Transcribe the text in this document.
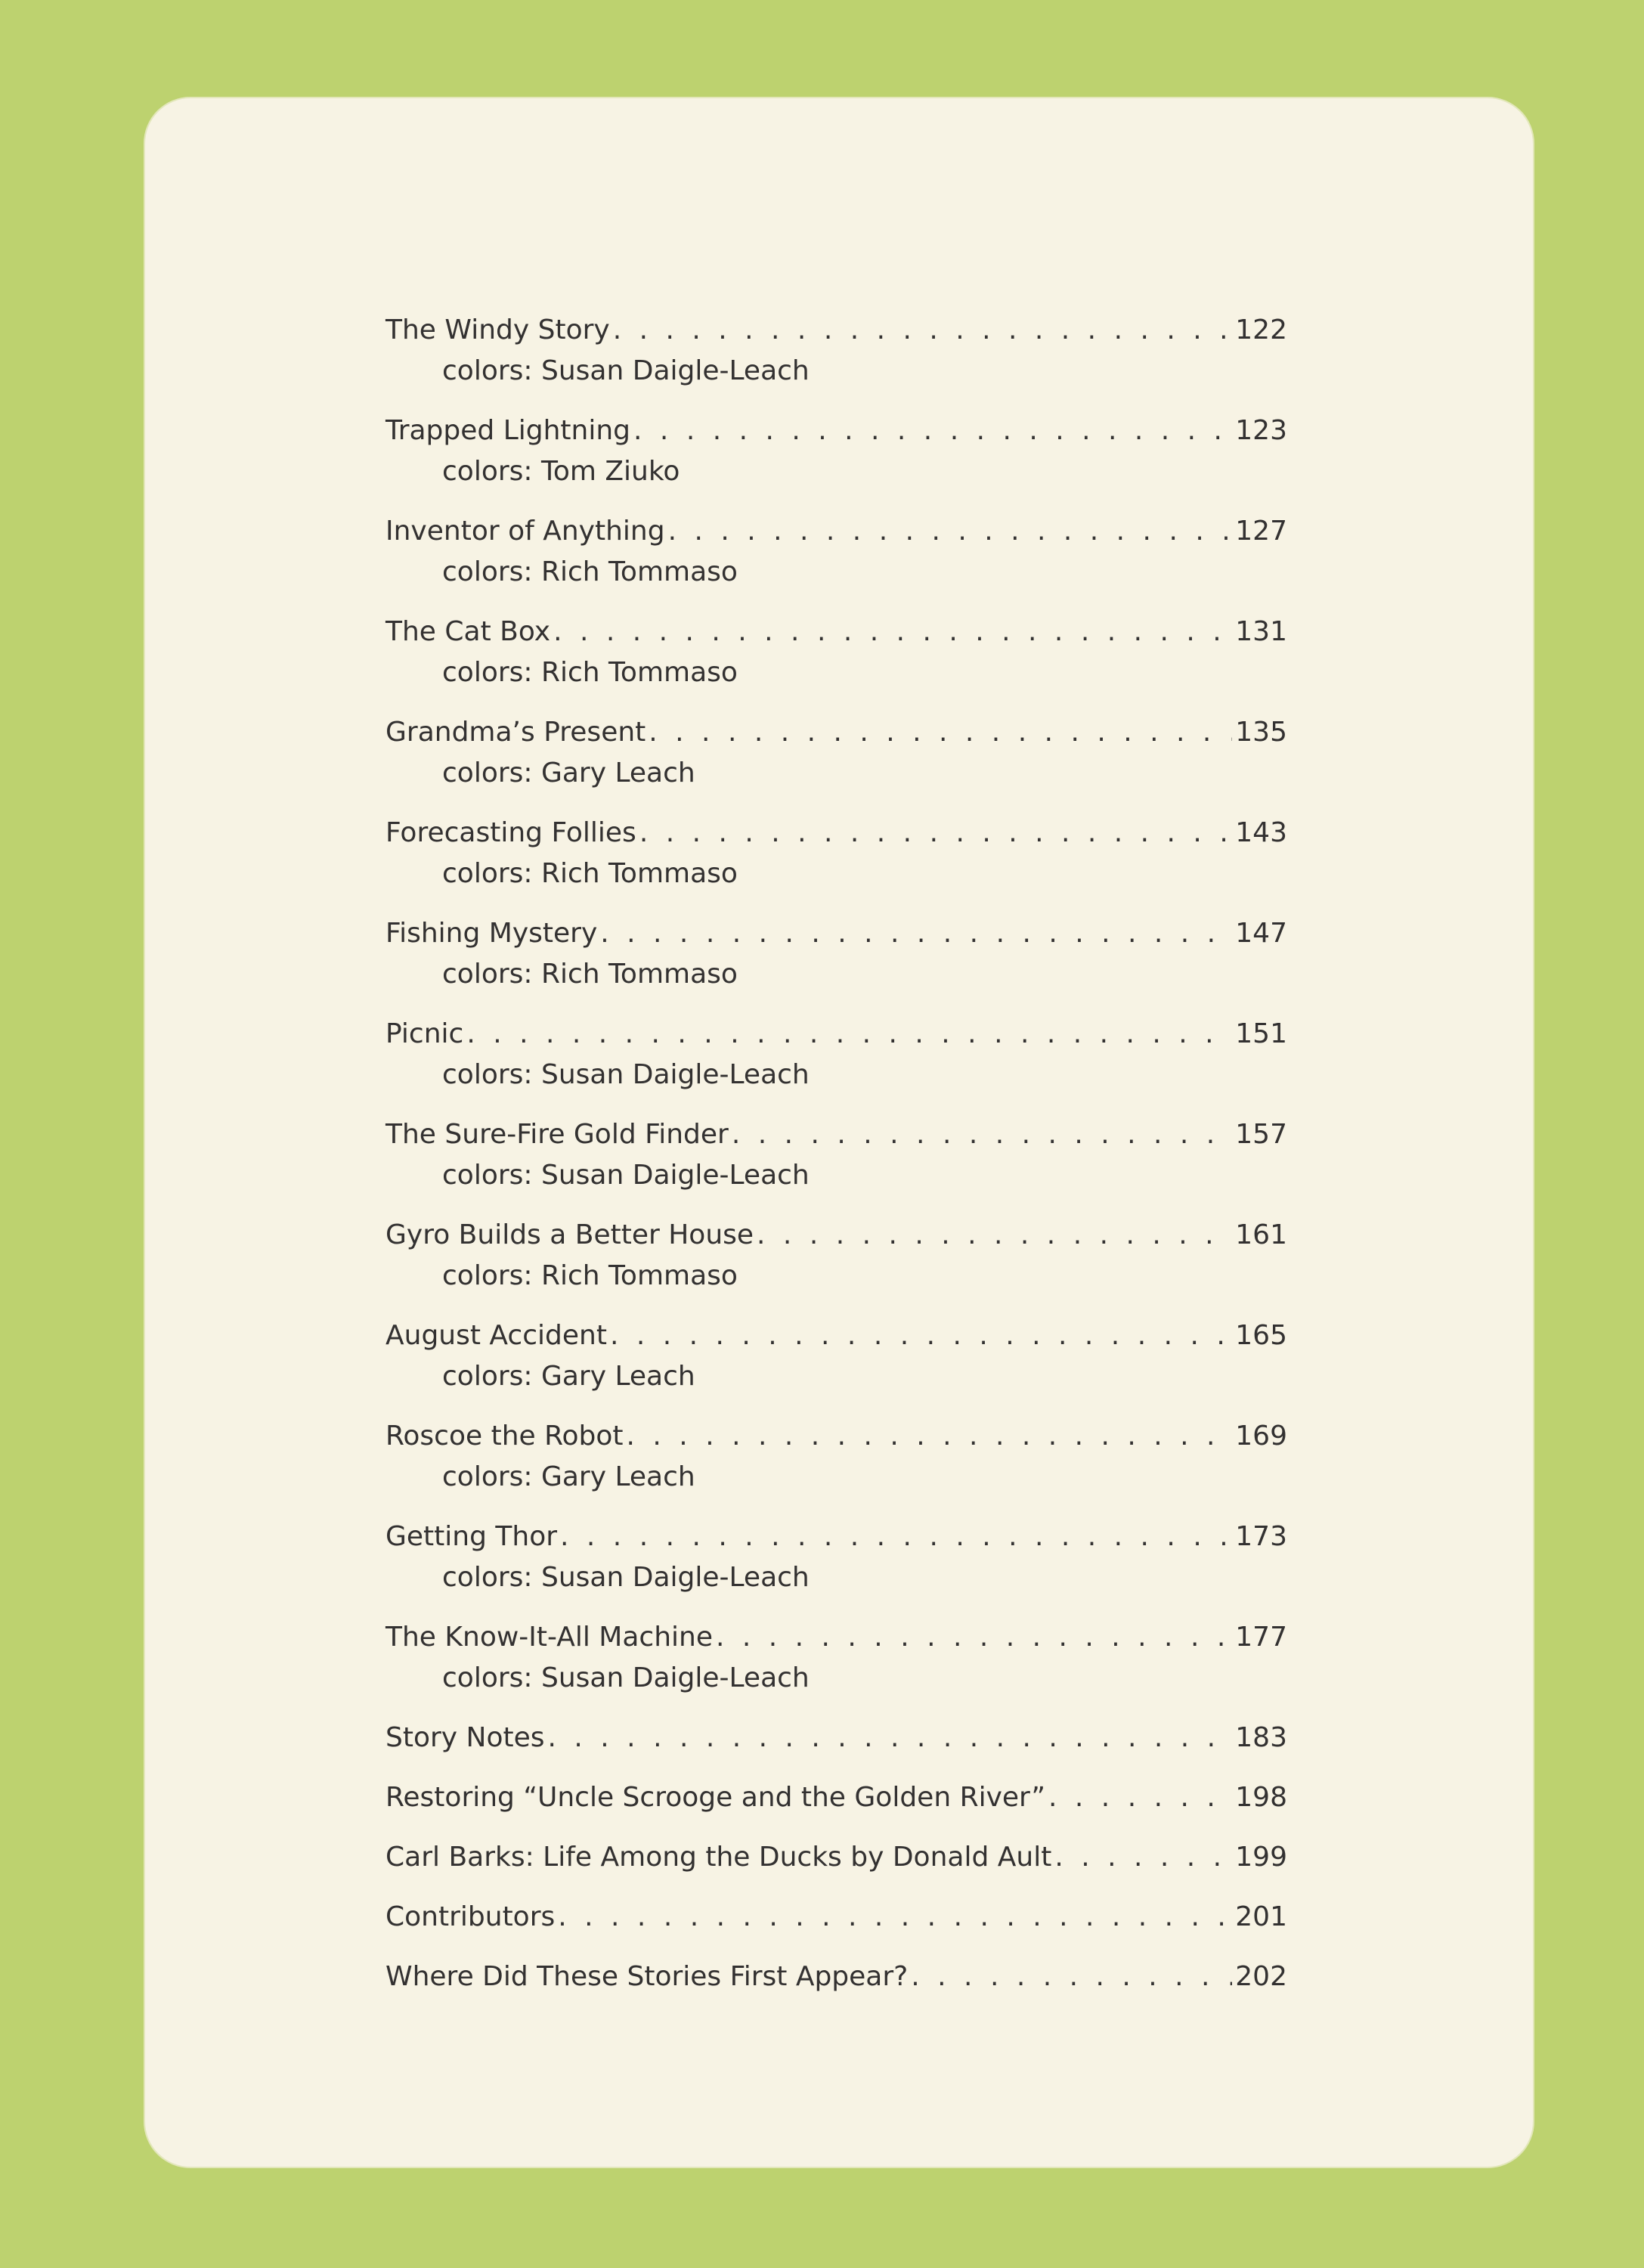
The Windy Story . . .	122
colors: Susan Daigle-Leach
Trapped Lightning . . .	123
colors: Tom Ziuko
Inventor of Anything . . .	127
colors: Rich Tommaso
The Cat Box . . .	131
colors: Rich Tommaso
Grandma’s Present . . .	135
colors: Gary Leach
Forecasting Follies . . .	143
colors: Rich Tommaso
Fishing Mystery . . .	147
colors: Rich Tommaso
Picnic . . .	151
colors: Susan Daigle-Leach
The Sure-Fire Gold Finder . . .	157
colors: Susan Daigle-Leach
Gyro Builds a Better House . . .	161
colors: Rich Tommaso
August Accident . . .	165
colors: Gary Leach
Roscoe the Robot . . .	169
colors: Gary Leach
Getting Thor . . .	173
colors: Susan Daigle-Leach
The Know-It-All Machine . . .	177
colors: Susan Daigle-Leach
Story Notes . . .	183
Restoring “Uncle Scrooge and the Golden River” . . .	198
Carl Barks: Life Among the Ducks by Donald Ault . . .	199
Contributors . . .	201
Where Did These Stories First Appear? . . .	202
